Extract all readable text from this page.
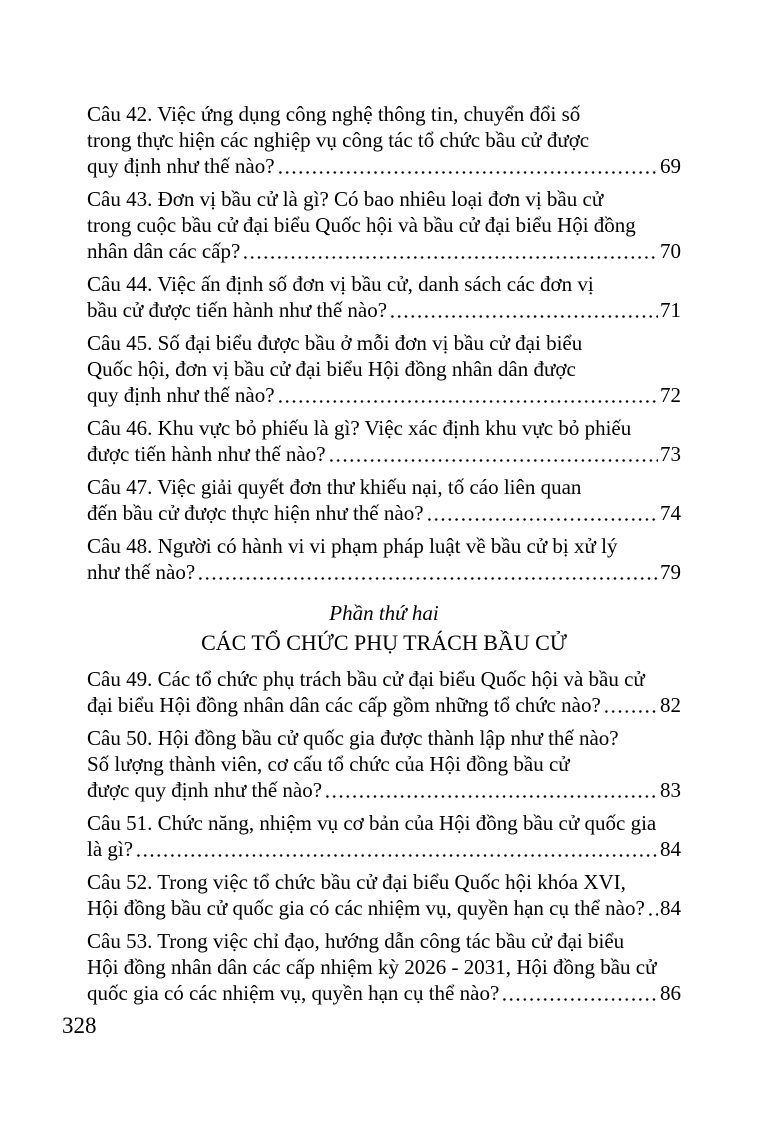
Câu 42. Việc ứng dụng công nghệ thông tin, chuyển đổi số
trong thực hiện các nghiệp vụ công tác tổ chức bầu cử được
quy định như thế nào?	69
Câu 43. Đơn vị bầu cử là gì? Có bao nhiêu loại đơn vị bầu cử
trong cuộc bầu cử đại biểu Quốc hội và bầu cử đại biểu Hội đồng
nhân dân các cấp?	70
Câu 44. Việc ấn định số đơn vị bầu cử, danh sách các đơn vị
bầu cử được tiến hành như thế nào?	71
Câu 45. Số đại biểu được bầu ở mỗi đơn vị bầu cử đại biểu
Quốc hội, đơn vị bầu cử đại biểu Hội đồng nhân dân được
quy định như thế nào?	72
Câu 46. Khu vực bỏ phiếu là gì? Việc xác định khu vực bỏ phiếu
được tiến hành như thế nào?	73
Câu 47. Việc giải quyết đơn thư khiếu nại, tố cáo liên quan
đến bầu cử được thực hiện như thế nào?	74
Câu 48. Người có hành vi vi phạm pháp luật về bầu cử bị xử lý
như thế nào?	79
Phần thứ hai
CÁC TỔ CHỨC PHỤ TRÁCH BẦU CỬ
Câu 49. Các tổ chức phụ trách bầu cử đại biểu Quốc hội và bầu cử
đại biểu Hội đồng nhân dân các cấp gồm những tổ chức nào?	82
Câu 50. Hội đồng bầu cử quốc gia được thành lập như thế nào?
Số lượng thành viên, cơ cấu tổ chức của Hội đồng bầu cử
được quy định như thế nào?	83
Câu 51. Chức năng, nhiệm vụ cơ bản của Hội đồng bầu cử quốc gia
là gì?	84
Câu 52. Trong việc tổ chức bầu cử đại biểu Quốc hội khóa XVI,
Hội đồng bầu cử quốc gia có các nhiệm vụ, quyền hạn cụ thể nào? 84
Câu 53. Trong việc chỉ đạo, hướng dẫn công tác bầu cử đại biểu
Hội đồng nhân dân các cấp nhiệm kỳ 2026 - 2031, Hội đồng bầu cử
quốc gia có các nhiệm vụ, quyền hạn cụ thể nào?	86
328
